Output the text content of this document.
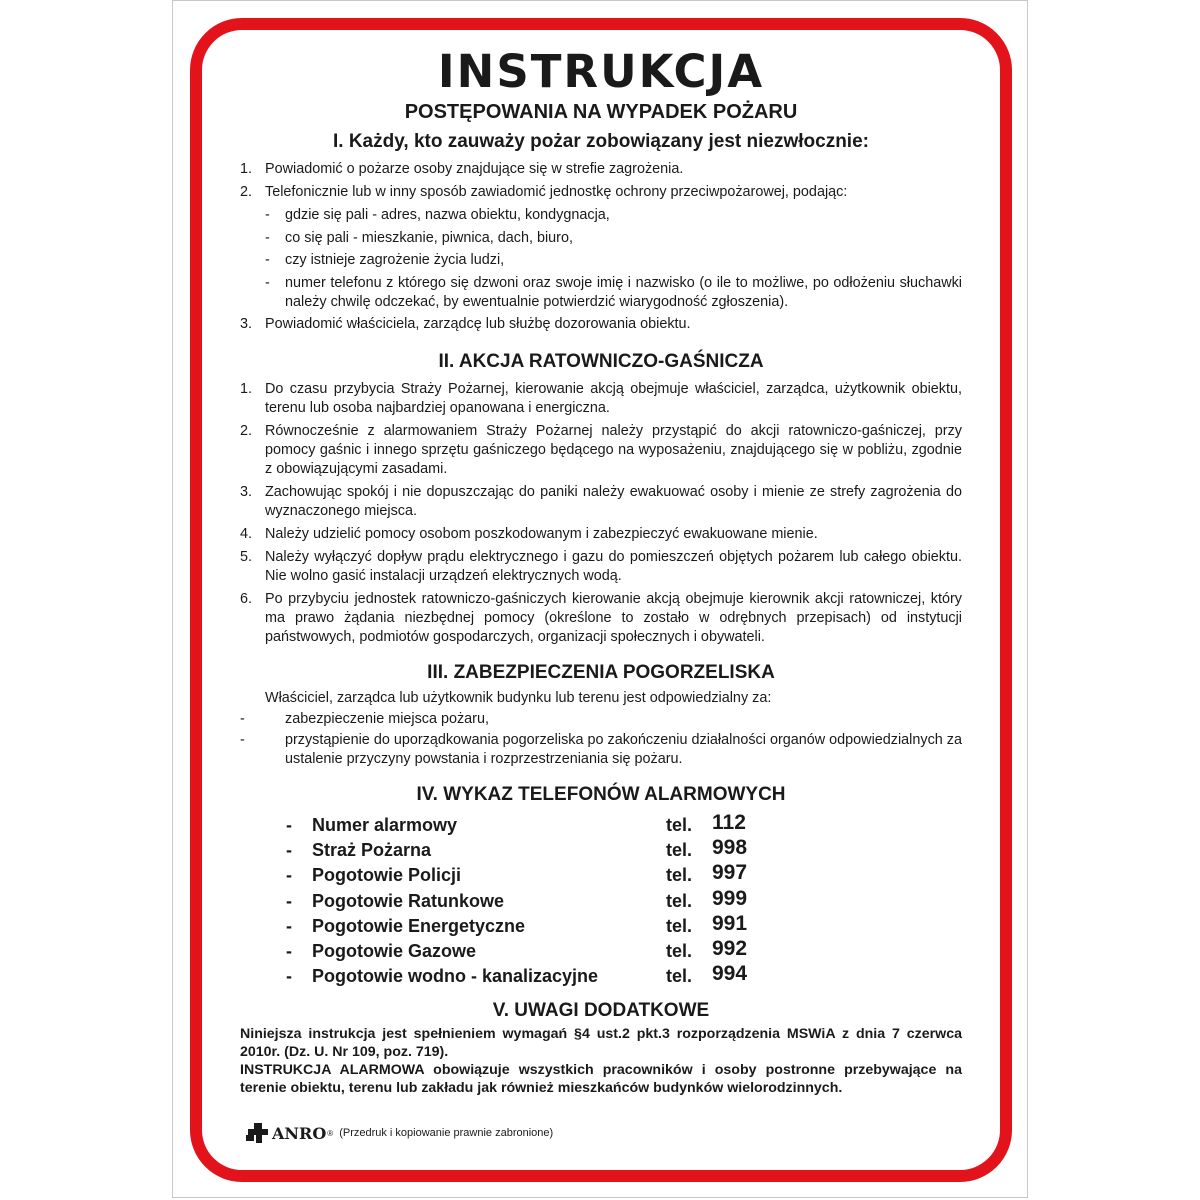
INSTRUKCJA
POSTĘPOWANIA NA WYPADEK POŻARU
I. Każdy, kto zauważy pożar zobowiązany jest niezwłocznie:
1. Powiadomić o pożarze osoby znajdujące się w strefie zagrożenia.
2. Telefonicznie lub w inny sposób zawiadomić jednostkę ochrony przeciwpożarowej, podając:
- gdzie się pali - adres, nazwa obiektu, kondygnacja,
- co się pali - mieszkanie, piwnica, dach, biuro,
- czy istnieje zagrożenie życia ludzi,
- numer telefonu z którego się dzwoni oraz swoje imię i nazwisko (o ile to możliwe, po odłożeniu słuchawki należy chwilę odczekać, by ewentualnie potwierdzić wiarygodność zgłoszenia).
3. Powiadomić właściciela, zarządcę lub służbę dozorowania obiektu.
II. AKCJA RATOWNICZO-GAŚNICZA
1. Do czasu przybycia Straży Pożarnej, kierowanie akcją obejmuje właściciel, zarządca, użytkownik obiektu, terenu lub osoba najbardziej opanowana i energiczna.
2. Równocześnie z alarmowaniem Straży Pożarnej należy przystąpić do akcji ratowniczo-gaśniczej, przy pomocy gaśnic i innego sprzętu gaśniczego będącego na wyposażeniu, znajdującego się w pobliżu, zgodnie z obowiązującymi zasadami.
3. Zachowując spokój i nie dopuszczając do paniki należy ewakuować osoby i mienie ze strefy zagrożenia do wyznaczonego miejsca.
4. Należy udzielić pomocy osobom poszkodowanym i zabezpieczyć ewakuowane mienie.
5. Należy wyłączyć dopływ prądu elektrycznego i gazu do pomieszczeń objętych pożarem lub całego obiektu. Nie wolno gasić instalacji urządzeń elektrycznych wodą.
6. Po przybyciu jednostek ratowniczo-gaśniczych kierowanie akcją obejmuje kierownik akcji ratowniczej, który ma prawo żądania niezbędnej pomocy (określone to zostało w odrębnych przepisach) od instytucji państwowych, podmiotów gospodarczych, organizacji społecznych i obywateli.
III. ZABEZPIECZENIA POGORZELISKA
Właściciel, zarządca lub użytkownik budynku lub terenu jest odpowiedzialny za:
-	zabezpieczenie miejsca pożaru,
-	przystąpienie do uporządkowania pogorzeliska po zakończeniu działalności organów odpowiedzialnych za ustalenie przyczyny powstania i rozprzestrzeniania się pożaru.
IV. WYKAZ TELEFONÓW ALARMOWYCH
- Numer alarmowy	tel. 112
- Straż Pożarna	tel. 998
- Pogotowie Policji	tel. 997
- Pogotowie Ratunkowe	tel. 999
- Pogotowie Energetyczne	tel. 991
- Pogotowie Gazowe	tel. 992
- Pogotowie wodno - kanalizacyjne	tel. 994
V. UWAGI DODATKOWE

Niniejsza instrukcja jest spełnieniem wymagań §4 ust.2 pkt.3 rozporządzenia MSWiA z dnia 7 czerwca 2010r. (Dz. U. Nr 109, poz. 719).

INSTRUKCJA ALARMOWA obowiązuje wszystkich pracowników i osoby postronne przebywające na terenie obiektu, terenu lub zakładu jak również mieszkańców budynków wielorodzinnych.

ANRO ® (Przedruk i kopiowanie prawnie zabronione)
